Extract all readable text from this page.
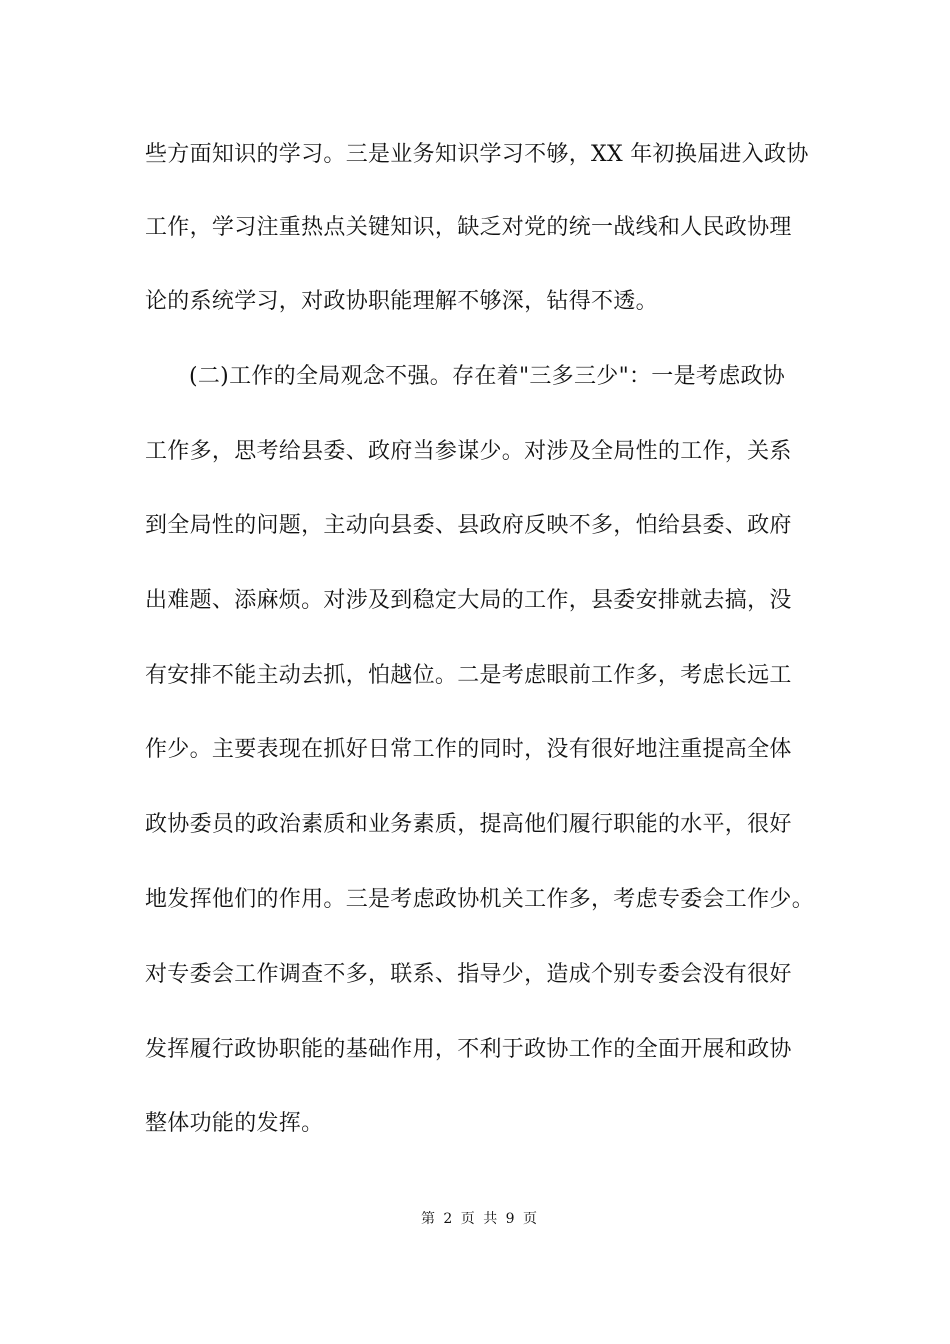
些方面知识的学习。三是业务知识学习不够，XX 年初换届进入政协
工作，学习注重热点关键知识，缺乏对党的统一战线和人民政协理
论的系统学习，对政协职能理解不够深，钻得不透。
(二)工作的全局观念不强。存在着"三多三少"：一是考虑政协
工作多，思考给县委、政府当参谋少。对涉及全局性的工作，关系
到全局性的问题，主动向县委、县政府反映不多，怕给县委、政府
出难题、添麻烦。对涉及到稳定大局的工作，县委安排就去搞，没
有安排不能主动去抓，怕越位。二是考虑眼前工作多，考虑长远工
作少。主要表现在抓好日常工作的同时，没有很好地注重提高全体
政协委员的政治素质和业务素质，提高他们履行职能的水平，很好
地发挥他们的作用。三是考虑政协机关工作多，考虑专委会工作少。
对专委会工作调查不多，联系、指导少，造成个别专委会没有很好
发挥履行政协职能的基础作用，不利于政协工作的全面开展和政协
整体功能的发挥。
第 2 页 共 9 页
